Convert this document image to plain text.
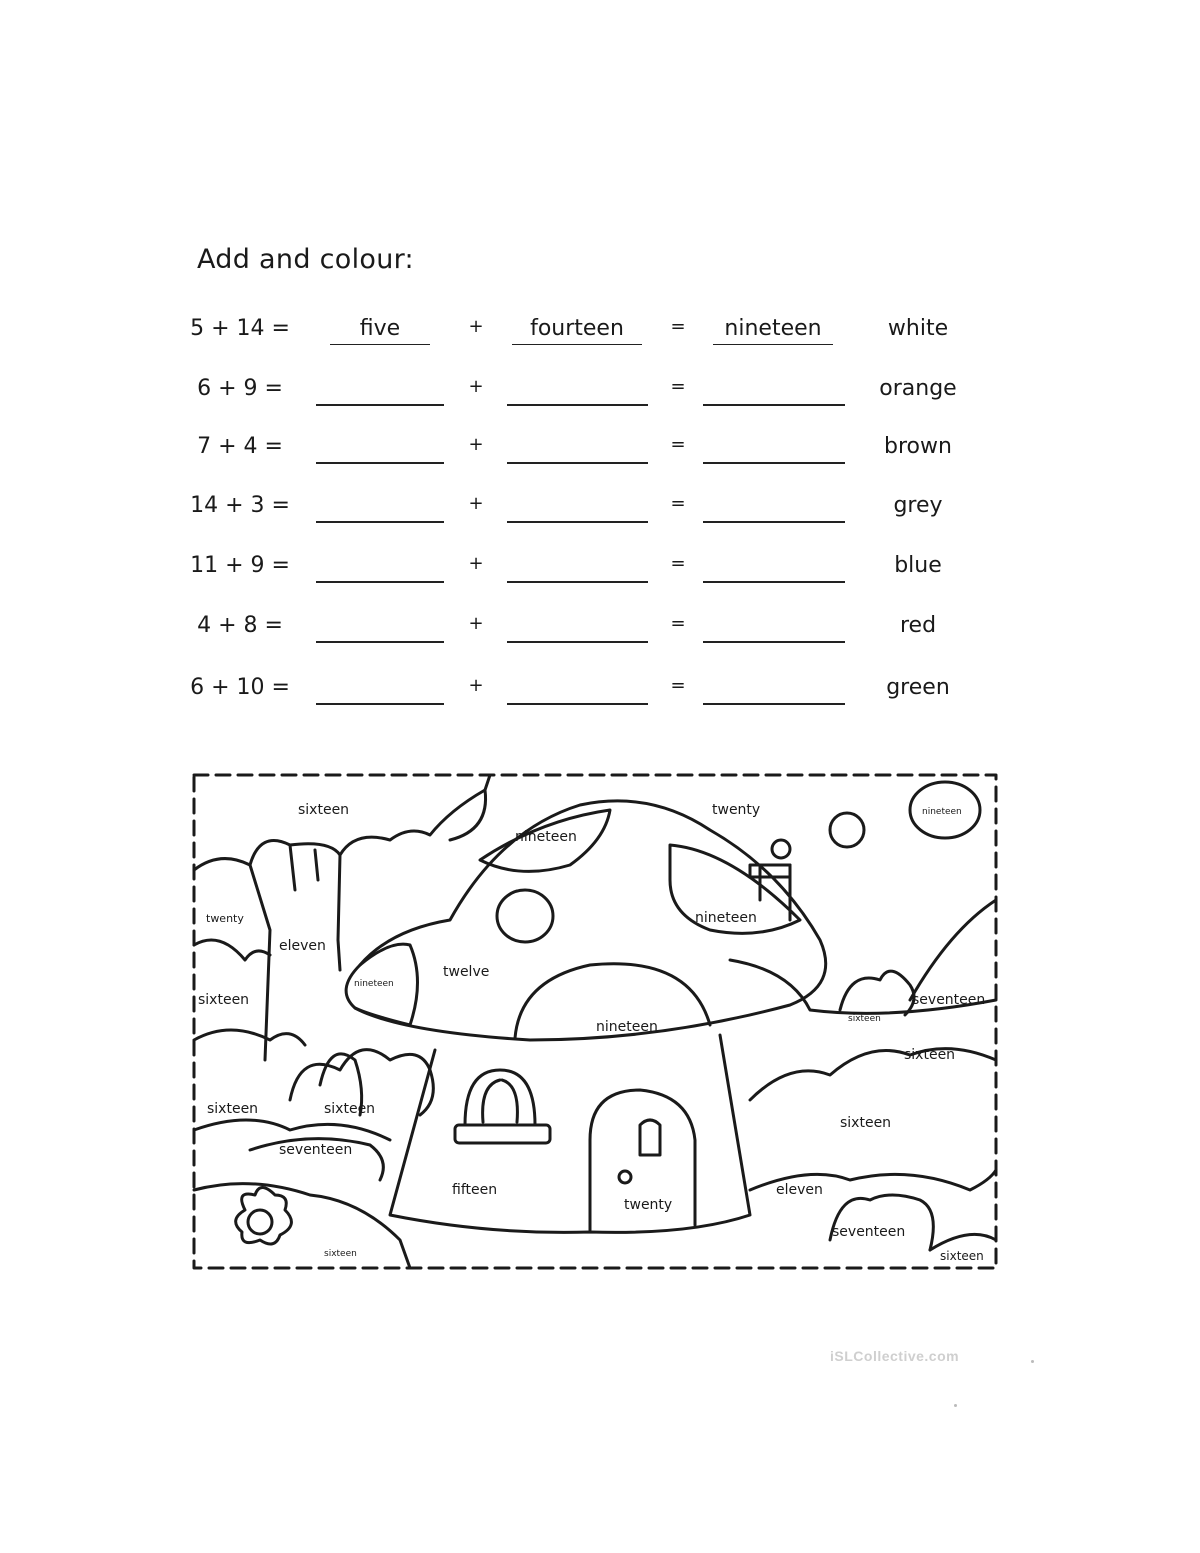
Add and colour:
5 + 14 =	five	+	fourteen	=	nineteen	white
6 + 9 =	+	=	orange
7 + 4 =	+	=	brown
14 + 3 =	+	=	grey
11 + 9 =	+	=	blue
4 + 8 =	+	=	red
6 + 10 =	+	=	green
sixteen	twenty	nineteen
nineteen
nineteen
twenty
eleven
sixteen
nineteen
twelve
nineteen	sixteen
seventeen
sixteen
sixteen	sixteen
sixteen
seventeen
fifteen
twenty
eleven
seventeen
sixteen	sixteen
iSLCollective.com
